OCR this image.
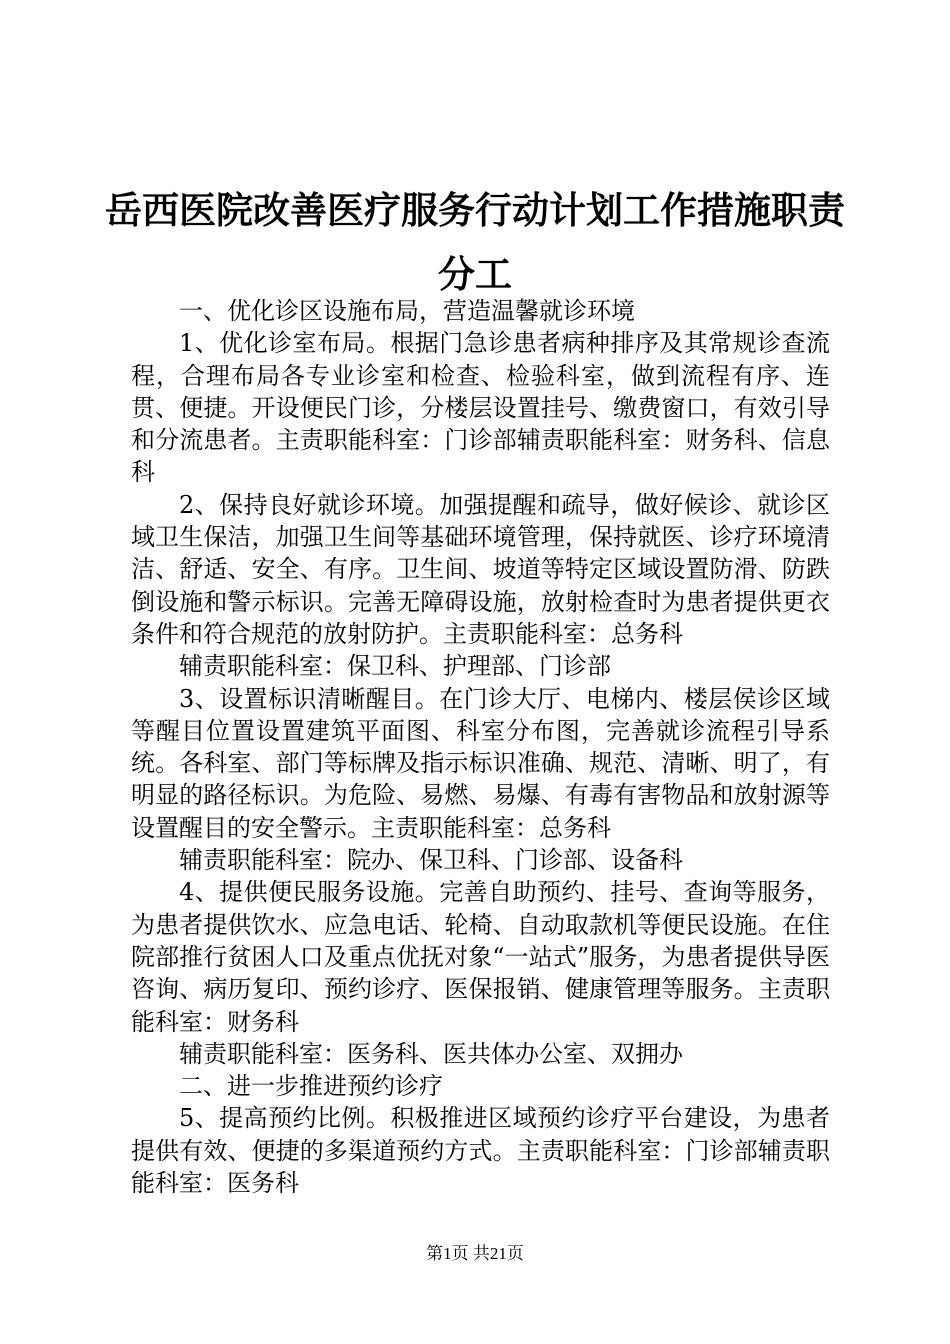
岳西医院改善医疗服务行动计划工作措施职责分工

一、优化诊区设施布局，营造温馨就诊环境

1、优化诊室布局。根据门急诊患者病种排序及其常规诊查流程，合理布局各专业诊室和检查、检验科室，做到流程有序、连贯、便捷。开设便民门诊，分楼层设置挂号、缴费窗口，有效引导和分流患者。主责职能科室：门诊部辅责职能科室：财务科、信息科

2、保持良好就诊环境。加强提醒和疏导，做好候诊、就诊区域卫生保洁，加强卫生间等基础环境管理，保持就医、诊疗环境清洁、舒适、安全、有序。卫生间、坡道等特定区域设置防滑、防跌倒设施和警示标识。完善无障碍设施，放射检查时为患者提供更衣条件和符合规范的放射防护。主责职能科室：总务科

辅责职能科室：保卫科、护理部、门诊部

3、设置标识清晰醒目。在门诊大厅、电梯内、楼层侯诊区域等醒目位置设置建筑平面图、科室分布图，完善就诊流程引导系统。各科室、部门等标牌及指示标识准确、规范、清晰、明了，有明显的路径标识。为危险、易燃、易爆、有毒有害物品和放射源等设置醒目的安全警示。主责职能科室：总务科

辅责职能科室：院办、保卫科、门诊部、设备科

4、提供便民服务设施。完善自助预约、挂号、查询等服务，为患者提供饮水、应急电话、轮椅、自动取款机等便民设施。在住院部推行贫困人口及重点优抚对象“一站式”服务，为患者提供导医咨询、病历复印、预约诊疗、医保报销、健康管理等服务。主责职能科室：财务科

辅责职能科室：医务科、医共体办公室、双拥办

二、进一步推进预约诊疗

5、提高预约比例。积极推进区域预约诊疗平台建设，为患者提供有效、便捷的多渠道预约方式。主责职能科室：门诊部辅责职能科室：医务科

第1页 共21页
